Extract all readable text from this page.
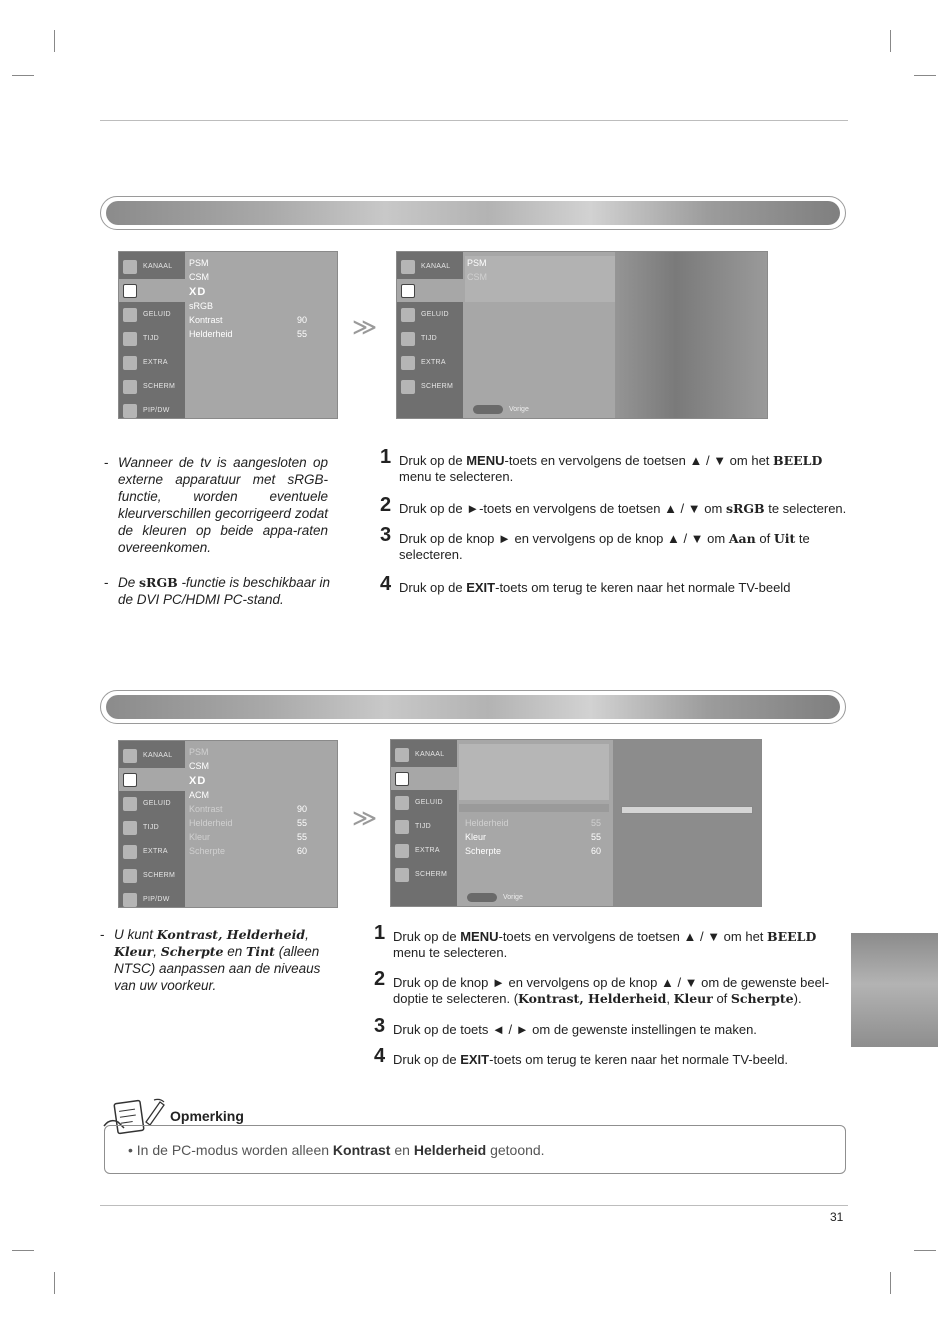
KANAAL
GELUID
TIJD
EXTRA
SCHERM
PIP/DW
PSM
CSM
XD
sRGB
Kontrast	90
Helderheid	55 ≫
KANAAL
GELUID
TIJD
EXTRA
SCHERM
PSM
CSM
Vorige
- Wanneer de tv is aangesloten op externe apparatuur met sRGB-functie, worden eventuele kleurverschillen gecorrigeerd zodat de kleuren op beide appa-raten overeenkomen.
- De sRGB -functie is beschikbaar in de DVI PC/HDMI PC-stand.
1 Druk op de MENU-toets en vervolgens de toetsen ▲ / ▼ om het BEELD menu te selecteren.
2 Druk op de ►-toets en vervolgens de toetsen ▲ / ▼ om sRGB te selecteren.
3 Druk op de knop ► en vervolgens op de knop ▲ / ▼ om Aan of Uit te selecteren.
4 Druk op de EXIT-toets om terug te keren naar het normale TV-beeld
KANAAL
GELUID
TIJD
EXTRA
SCHERM
PIP/DW
PSM
CSM
XD
ACM
Kontrast	90
Helderheid	55
Kleur	55
Scherpte	60
≫
KANAAL
GELUID
TIJD
EXTRA
SCHERM
Helderheid	55
Kleur	55
Scherpte	60
Vorige
- U kunt Kontrast, Helderheid, Kleur, Scherpte en Tint (alleen NTSC) aanpassen aan de niveaus van uw voorkeur.
1 Druk op de MENU-toets en vervolgens de toetsen ▲ / ▼ om het BEELD menu te selecteren.
2 Druk op de knop ► en vervolgens op de knop ▲ / ▼ om de gewenste beel-doptie te selecteren. (Kontrast, Helderheid, Kleur of Scherpte).
3 Druk op de toets ◄ / ► om de gewenste instellingen te maken.
4 Druk op de EXIT-toets om terug te keren naar het normale TV-beeld.
Opmerking
• In de PC-modus worden alleen Kontrast en Helderheid getoond.
31
